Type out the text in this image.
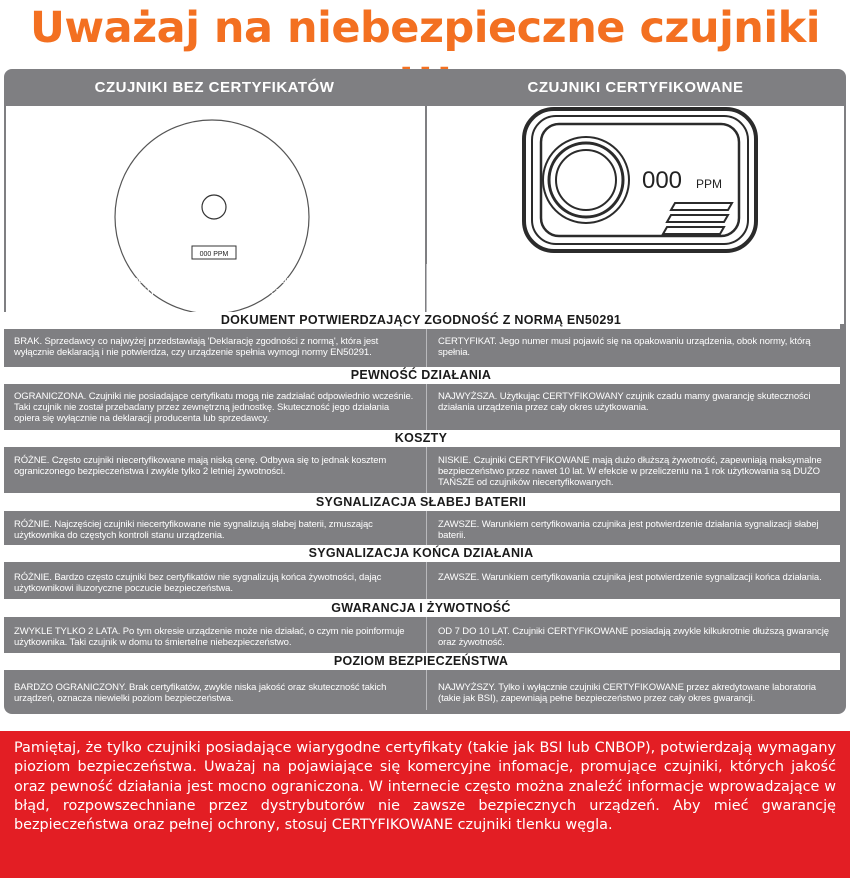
Uważaj na niebezpieczne czujniki
CZUJNIKI BEZ CERTYFIKATÓW	CZUJNIKI CERTYFIKOWANE
000 PPM
000 PPM
Takie urządzenia często sprzedawane są jako "certyfikowane", jednak jedynym certyfikatem jakie, posiadają jest dokument CE, który nie określa sposobu, w jaki czujnik ma działać oraz kiedy ma wykrywać tlenek węgla.
Czujnik CERTYFIKOWANY to urządzenie przebadane przez niezależne od producenta, akredytowane laboratorium (np. Angielskie BSI), które wystawiło CERTYFIKAT zgodności z normą.
DOKUMENT POTWIERDZAJĄCY ZGODNOŚĆ Z NORMĄ EN50291
BRAK. Sprzedawcy co najwyżej przedstawiają 'Deklarację zgodności z normą', która jest wyłącznie deklaracją i nie potwierdza, czy urządzenie spełnia wymogi normy EN50291.
CERTYFIKAT. Jego numer musi pojawić się na opakowaniu urządzenia, obok normy, którą spełnia.
PEWNOŚĆ DZIAŁANIA
OGRANICZONA. Czujniki nie posiadające certyfikatu mogą nie zadziałać odpowiednio wcześnie. Taki czujnik nie został przebadany przez zewnętrzną jednostkę. Skuteczność jego działania opiera się wyłącznie na deklaracji producenta lub sprzedawcy.
NAJWYŻSZA. Użytkując CERTYFIKOWANY czujnik czadu mamy gwarancję skuteczności działania urządzenia przez cały okres użytkowania.
KOSZTY
RÓŻNE. Często czujniki niecertyfikowane mają niską cenę. Odbywa się to jednak kosztem ograniczonego bezpieczeństwa i zwykle tylko 2 letniej żywotności.
NISKIE. Czujniki CERTYFIKOWANE mają dużo dłuższą żywotność, zapewniają maksymalne bezpieczeństwo przez nawet 10 lat. W efekcie w przeliczeniu na 1 rok użytkowania są DUŻO TAŃSZE od czujników niecertyfikowanych.
SYGNALIZACJA SŁABEJ BATERII
RÓŻNIE. Najczęściej czujniki niecertyfikowane nie sygnalizują słabej baterii, zmuszając użytkownika do częstych kontroli stanu urządzenia.
ZAWSZE. Warunkiem certyfikowania czujnika jest potwierdzenie działania sygnalizacji słabej baterii.
SYGNALIZACJA KOŃCA DZIAŁANIA
RÓŻNIE. Bardzo często czujniki bez certyfikatów nie sygnalizują końca żywotności, dając użytkownikowi iluzoryczne poczucie bezpieczeństwa.
ZAWSZE. Warunkiem certyfikowania czujnika jest potwierdzenie sygnalizacji końca działania.
GWARANCJA I ŻYWOTNOŚĆ
ZWYKLE TYLKO 2 LATA. Po tym okresie urządzenie może nie działać, o czym nie poinformuje użytkownika. Taki czujnik w domu to śmiertelne niebezpieczeństwo.
OD 7 DO 10 LAT. Czujniki CERTYFIKOWANE posiadają zwykle kilkukrotnie dłuższą gwarancję oraz żywotność.
POZIOM BEZPIECZEŃSTWA
BARDZO OGRANICZONY. Brak certyfikatów, zwykle niska jakość oraz skuteczność takich urządzeń, oznacza niewielki poziom bezpieczeństwa.
NAJWYŻSZY. Tylko i wyłącznie czujniki CERTYFIKOWANE przez akredytowane laboratoria (takie jak BSI), zapewniają pełne bezpieczeństwo przez cały okres gwarancji.

Pamiętaj, że tylko czujniki posiadające wiarygodne certyfikaty (takie jak BSI lub CNBOP), potwierdzają wymagany pioziom bezpieczeństwa. Uważaj na pojawiające się komercyjne infomacje, promujące czujniki, których jakość oraz pewność działania jest mocno ograniczona. W internecie często można znaleźć informacje wprowadzające w błąd, rozpowszechniane przez dystrybutorów nie zawsze bezpiecznych urządzeń. Aby mieć gwarancję bezpieczeństwa oraz pełnej ochrony, stosuj CERTYFIKOWANE czujniki tlenku węgla.
